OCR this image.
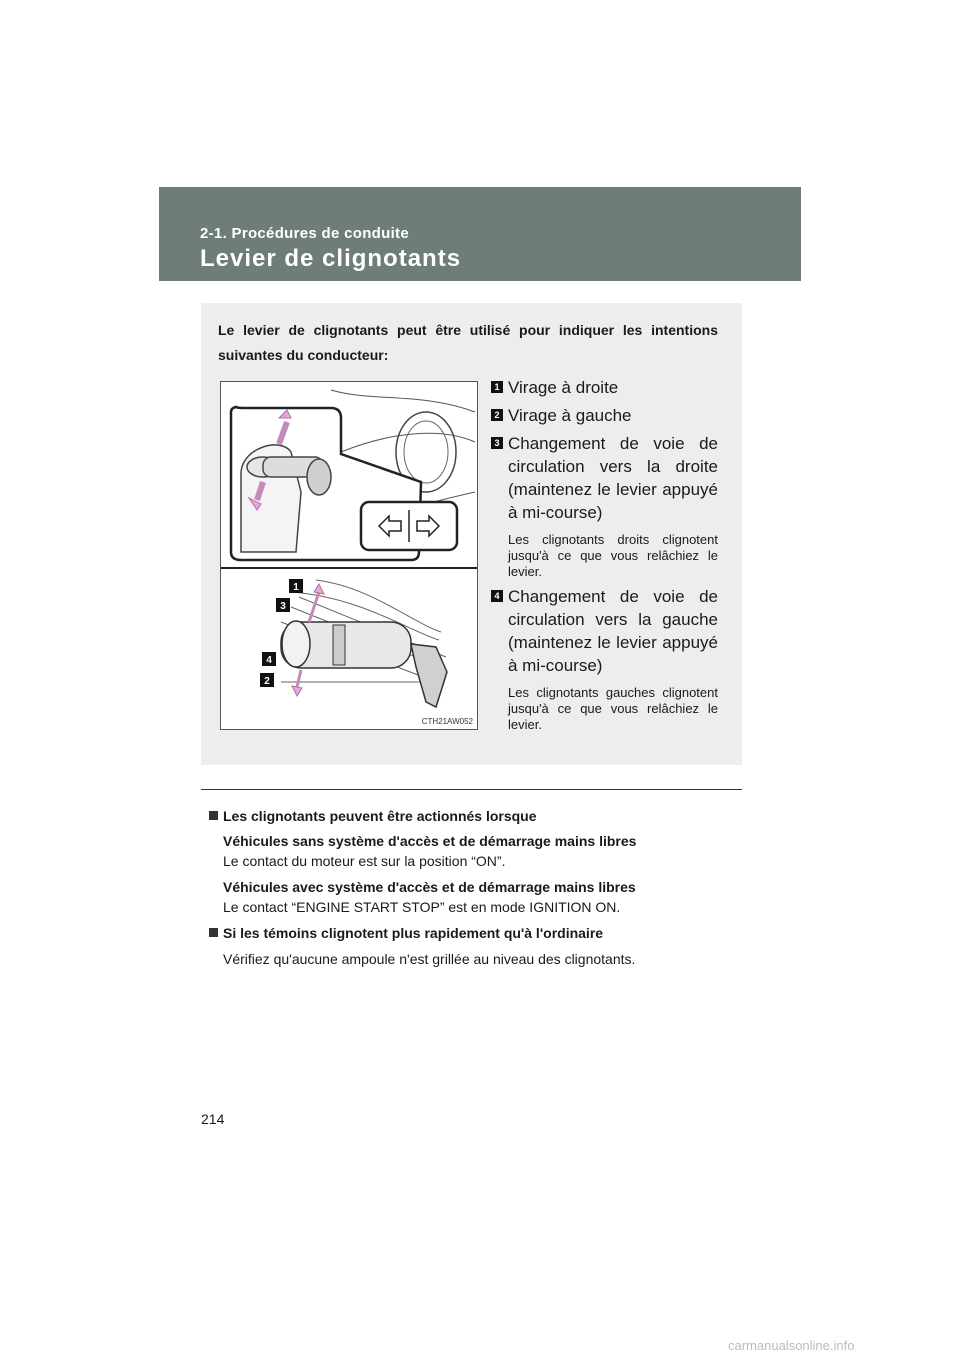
2-1. Procédures de conduite
Levier de clignotants
Le levier de clignotants peut être utilisé pour indiquer les intentions suivantes du conducteur:
1
3
4
2
CTH21AW052
1 Virage à droite
2 Virage à gauche
3 Changement de voie de circulation vers la droite (maintenez le levier appuyé à mi-course)
Les clignotants droits clignotent jusqu'à ce que vous relâchiez le levier.
4 Changement de voie de circulation vers la gauche (maintenez le levier appuyé à mi-course)
Les clignotants gauches clignotent jusqu'à ce que vous relâchiez le levier.
Les clignotants peuvent être actionnés lorsque
Véhicules sans système d'accès et de démarrage mains libres
Le contact du moteur est sur la position “ON”.
Véhicules avec système d'accès et de démarrage mains libres
Le contact “ENGINE START STOP” est en mode IGNITION ON.
Si les témoins clignotent plus rapidement qu'à l'ordinaire
Vérifiez qu'aucune ampoule n'est grillée au niveau des clignotants.
214
carmanualsonline.info
